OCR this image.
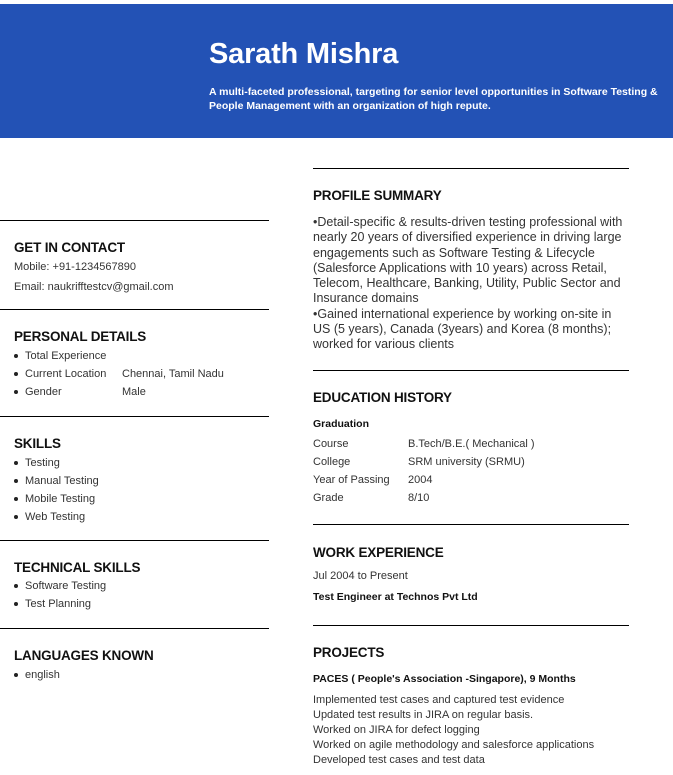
Sarath Mishra
A multi-faceted professional, targeting for senior level opportunities in Software Testing & People Management with an organization of high repute.
GET IN CONTACT
Mobile: +91-1234567890
Email: naukrifftestcv@gmail.com
PERSONAL DETAILS
Total Experience
Current Location Chennai, Tamil Nadu
Gender	Male
SKILLS
Testing
Manual Testing
Mobile Testing
Web Testing
TECHNICAL SKILLS
Software Testing
Test Planning
LANGUAGES KNOWN
english
PROFILE SUMMARY
•Detail-specific & results-driven testing professional with nearly 20 years of diversified experience in driving large engagements such as Software Testing & Lifecycle (Salesforce Applications with 10 years) across Retail, Telecom, Healthcare, Banking, Utility, Public Sector and Insurance domains
•Gained international experience by working on-site in US (5 years), Canada (3years) and Korea (8 months); worked for various clients
EDUCATION HISTORY
Graduation
Course	B.Tech/B.E.( Mechanical )
College	SRM university (SRMU)
Year of Passing 2004
Grade	8/10
WORK EXPERIENCE
Jul 2004 to Present
Test Engineer at Technos Pvt Ltd
PROJECTS
PACES ( People's Association -Singapore), 9 Months
Implemented test cases and captured test evidence
Updated test results in JIRA on regular basis.
Worked on JIRA for defect logging
Worked on agile methodology and salesforce applications
Developed test cases and test data
